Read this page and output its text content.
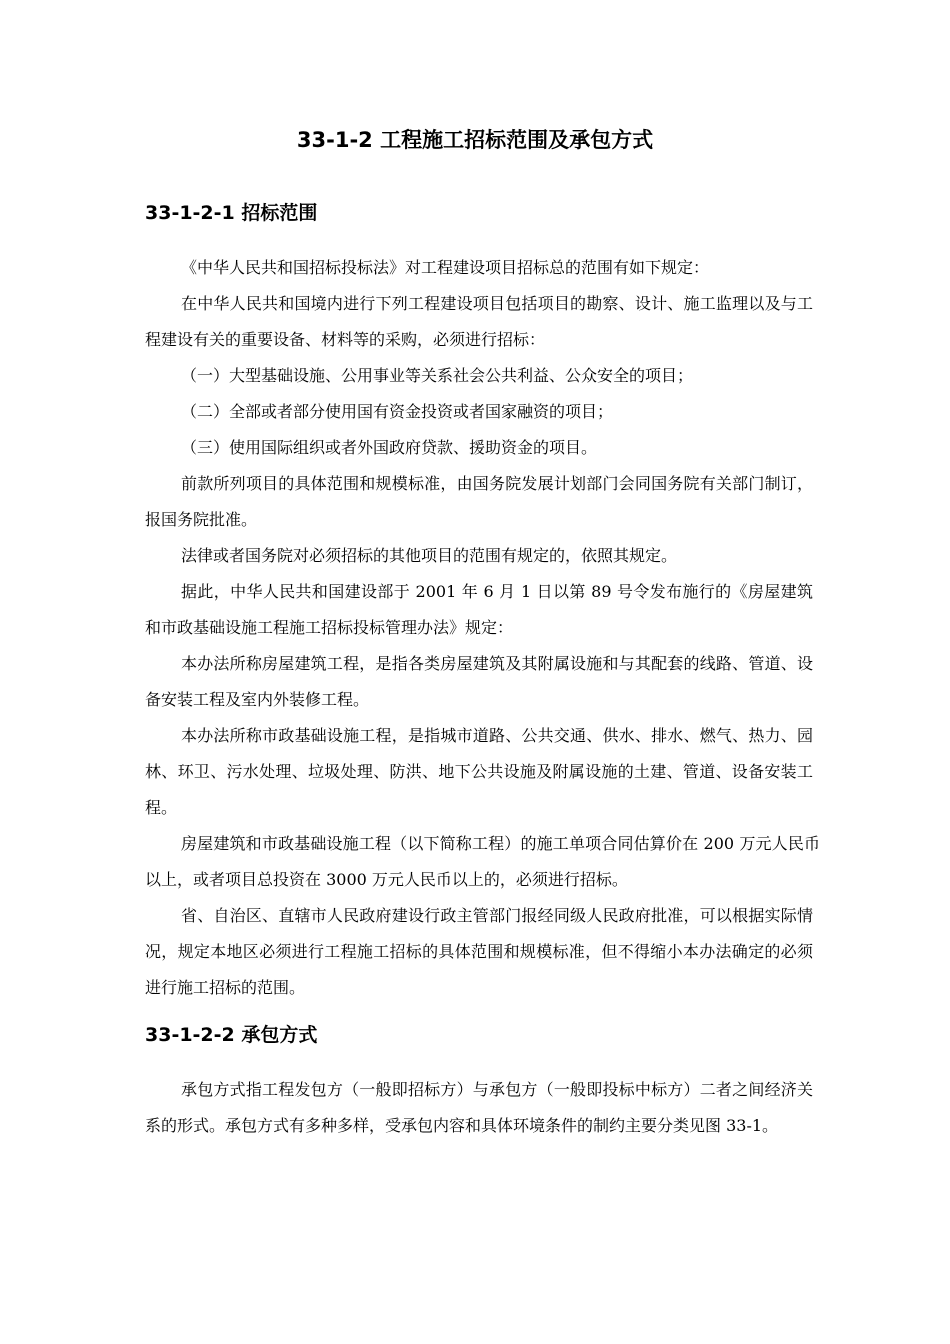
33-1-2 工程施工招标范围及承包方式
33-1-2-1 招标范围

《中华人民共和国招标投标法》对工程建设项目招标总的范围有如下规定：

在中华人民共和国境内进行下列工程建设项目包括项目的勘察、设计、施工监理以及与工程建设有关的重要设备、材料等的采购，必须进行招标：

（一）大型基础设施、公用事业等关系社会公共利益、公众安全的项目；

（二）全部或者部分使用国有资金投资或者国家融资的项目；

（三）使用国际组织或者外国政府贷款、援助资金的项目。

前款所列项目的具体范围和规模标准，由国务院发展计划部门会同国务院有关部门制订，报国务院批准。

法律或者国务院对必须招标的其他项目的范围有规定的，依照其规定。

据此，中华人民共和国建设部于 2001 年 6 月 1 日以第 89 号令发布施行的《房屋建筑和市政基础设施工程施工招标投标管理办法》规定：

本办法所称房屋建筑工程，是指各类房屋建筑及其附属设施和与其配套的线路、管道、设备安装工程及室内外装修工程。

本办法所称市政基础设施工程，是指城市道路、公共交通、供水、排水、燃气、热力、园林、环卫、污水处理、垃圾处理、防洪、地下公共设施及附属设施的土建、管道、设备安装工程。

房屋建筑和市政基础设施工程（以下简称工程）的施工单项合同估算价在 200 万元人民币以上，或者项目总投资在 3000 万元人民币以上的，必须进行招标。

省、自治区、直辖市人民政府建设行政主管部门报经同级人民政府批准，可以根据实际情况，规定本地区必须进行工程施工招标的具体范围和规模标准，但不得缩小本办法确定的必须进行施工招标的范围。

33-1-2-2 承包方式

承包方式指工程发包方（一般即招标方）与承包方（一般即投标中标方）二者之间经济关系的形式。承包方式有多种多样，受承包内容和具体环境条件的制约主要分类见图 33-1。
